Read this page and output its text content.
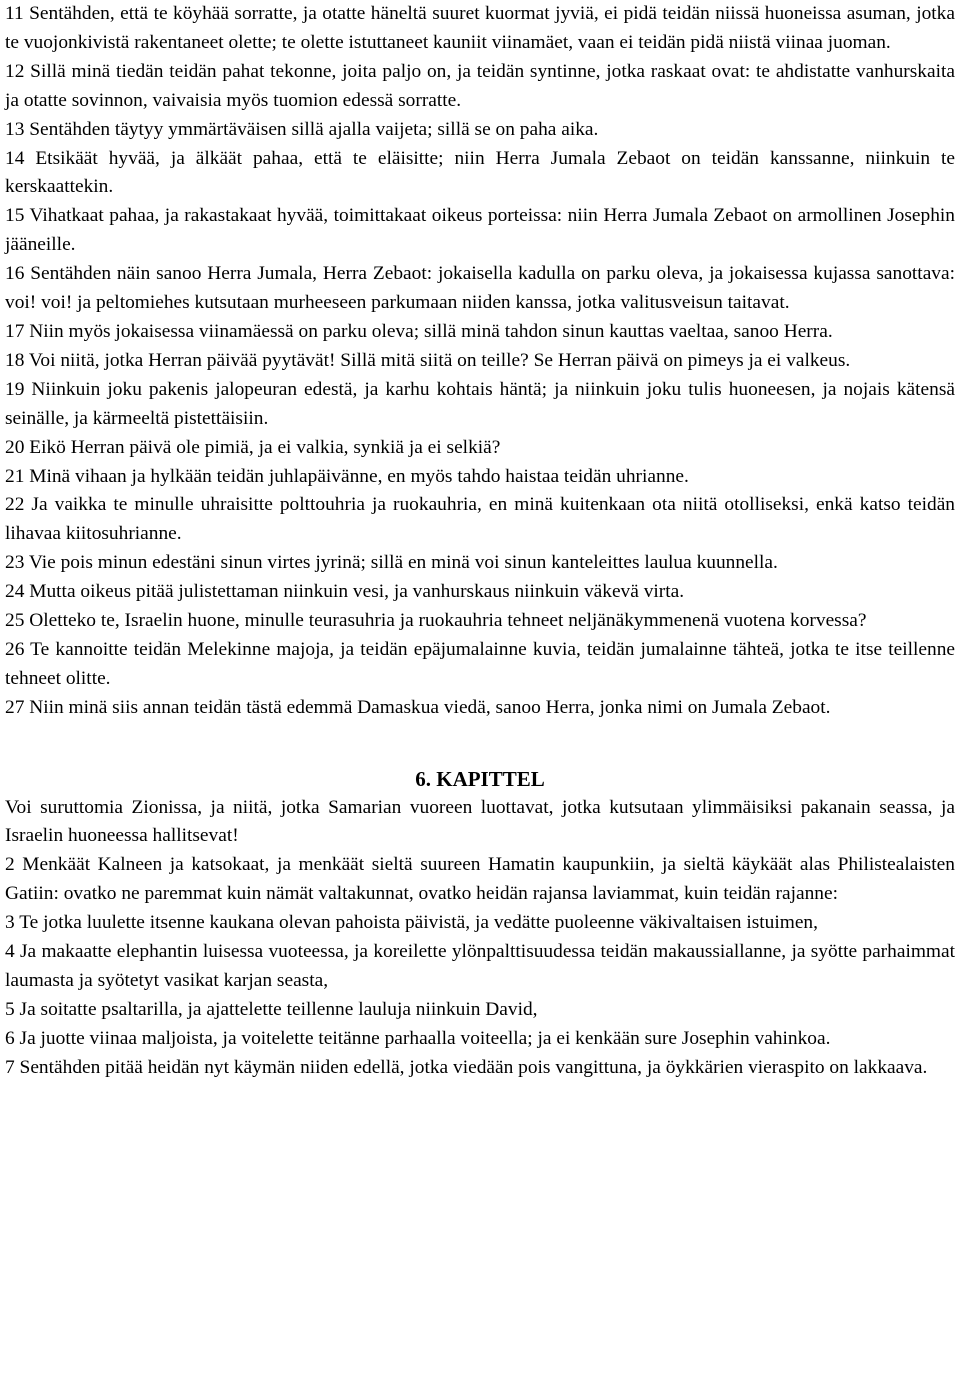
11 Sentähden, että te köyhää sorratte, ja otatte häneltä suuret kuormat jyviä, ei pidä teidän niissä huoneissa asuman, jotka te vuojonkivistä rakentaneet olette; te olette istuttaneet kauniit viinamäet, vaan ei teidän pidä niistä viinaa juoman.

12 Sillä minä tiedän teidän pahat tekonne, joita paljo on, ja teidän syntinne, jotka raskaat ovat: te ahdistatte vanhurskaita ja otatte sovinnon, vaivaisia myös tuomion edessä sorratte.

13 Sentähden täytyy ymmärtäväisen sillä ajalla vaijeta; sillä se on paha aika.

14 Etsikäät hyvää, ja älkäät pahaa, että te eläisitte; niin Herra Jumala Zebaot on teidän kanssanne, niinkuin te kerskaattekin.

15 Vihatkaat pahaa, ja rakastakaat hyvää, toimittakaat oikeus porteissa: niin Herra Jumala Zebaot on armollinen Josephin jääneille.

16 Sentähden näin sanoo Herra Jumala, Herra Zebaot: jokaisella kadulla on parku oleva, ja jokaisessa kujassa sanottava: voi! voi! ja peltomiehes kutsutaan murheeseen parkumaan niiden kanssa, jotka valitusveisun taitavat.

17 Niin myös jokaisessa viinamäessä on parku oleva; sillä minä tahdon sinun kauttas vaeltaa, sanoo Herra.

18 Voi niitä, jotka Herran päivää pyytävät! Sillä mitä siitä on teille? Se Herran päivä on pimeys ja ei valkeus.

19 Niinkuin joku pakenis jalopeuran edestä, ja karhu kohtais häntä; ja niinkuin joku tulis huoneesen, ja nojais kätensä seinälle, ja kärmeeltä pistettäisiin.

20 Eikö Herran päivä ole pimiä, ja ei valkia, synkiä ja ei selkiä?

21 Minä vihaan ja hylkään teidän juhlapäivänne, en myös tahdo haistaa teidän uhrianne.

22 Ja vaikka te minulle uhraisitte polttouhria ja ruokauhria, en minä kuitenkaan ota niitä otolliseksi, enkä katso teidän lihavaa kiitosuhrianne.

23 Vie pois minun edestäni sinun virtes jyrinä; sillä en minä voi sinun kanteleittes laulua kuunnella.

24 Mutta oikeus pitää julistettaman niinkuin vesi, ja vanhurskaus niinkuin väkevä virta.

25 Oletteko te, Israelin huone, minulle teurasuhria ja ruokauhria tehneet neljänäkymmenenä vuotena korvessa?

26 Te kannoitte teidän Melekinne majoja, ja teidän epäjumalainne kuvia, teidän jumalainne tähteä, jotka te itse teillenne tehneet olitte.

27 Niin minä siis annan teidän tästä edemmä Damaskua viedä, sanoo Herra, jonka nimi on Jumala Zebaot.

6. KAPITTEL

Voi suruttomia Zionissa, ja niitä, jotka Samarian vuoreen luottavat, jotka kutsutaan ylimmäisiksi pakanain seassa, ja Israelin huoneessa hallitsevat!

2 Menkäät Kalneen ja katsokaat, ja menkäät sieltä suureen Hamatin kaupunkiin, ja sieltä käykäät alas Philistealaisten Gatiin: ovatko ne paremmat kuin nämät valtakunnat, ovatko heidän rajansa laviammat, kuin teidän rajanne:

3 Te jotka luulette itsenne kaukana olevan pahoista päivistä, ja vedätte puoleenne väkivaltaisen istuimen,

4 Ja makaatte elephantin luisessa vuoteessa, ja koreilette ylönpalttisuudessa teidän makaussiallanne, ja syötte parhaimmat laumasta ja syötetyt vasikat karjan seasta,

5 Ja soitatte psaltarilla, ja ajattelette teillenne lauluja niinkuin David,

6 Ja juotte viinaa maljoista, ja voitelette teitänne parhaalla voiteella; ja ei kenkään sure Josephin vahinkoa.

7 Sentähden pitää heidän nyt käymän niiden edellä, jotka viedään pois vangittuna, ja öykkärien vieraspito on lakkaava.
